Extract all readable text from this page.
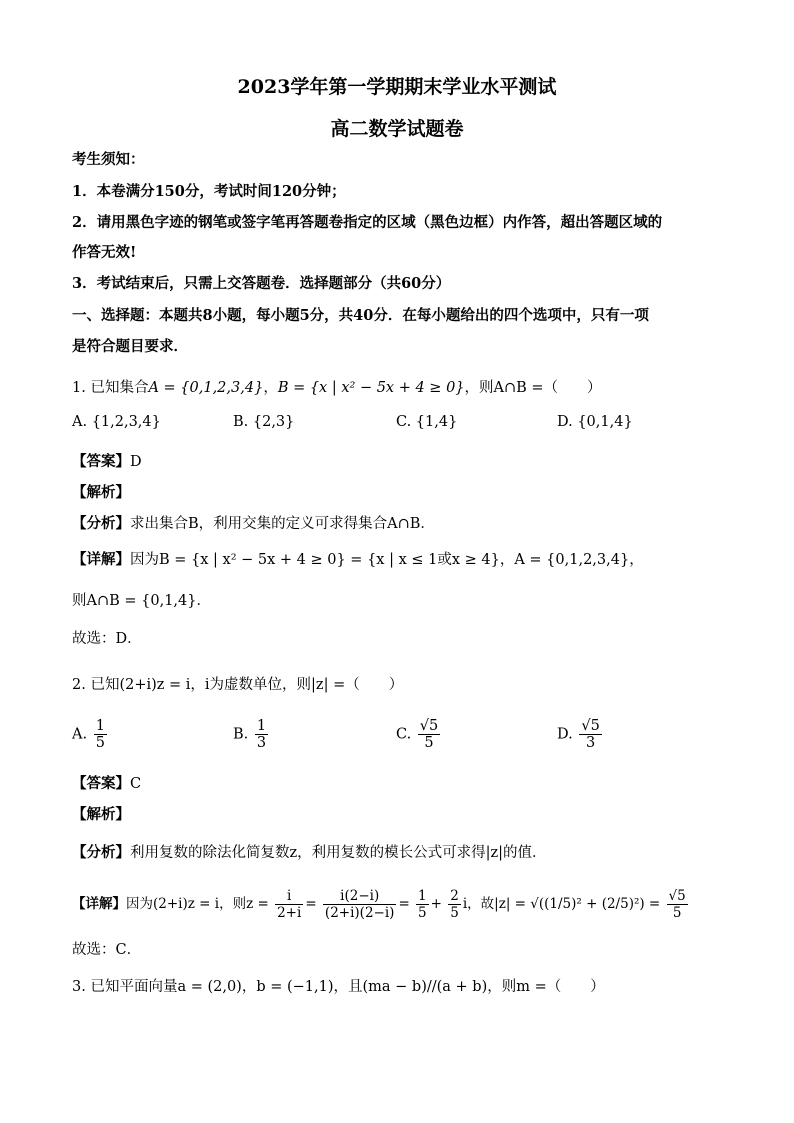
2023学年第一学期期末学业水平测试
高二数学试题卷
考生须知：
1．本卷满分150分，考试时间120分钟；
2．请用黑色字迹的钢笔或签字笔再答题卷指定的区域（黑色边框）内作答，超出答题区域的
作答无效!
3．考试结束后，只需上交答题卷．选择题部分（共60分）
一、选择题：本题共8小题，每小题5分，共40分．在每小题给出的四个选项中，只有一项
是符合题目要求．
1. 已知集合A = {0,1,2,3,4}，B = {x | x² − 5x + 4 ≥ 0}，则A∩B =（　　）
A. {1,2,3,4}	B. {2,3}	C. {1,4}	D. {0,1,4}
【答案】D
【解析】
【分析】求出集合B，利用交集的定义可求得集合A∩B．
【详解】因为B = {x | x² − 5x + 4 ≥ 0} = {x | x ≤ 1或x ≥ 4}，A = {0,1,2,3,4}，
则A∩B = {0,1,4}．
故选：D．
2. 已知(2+i)z = i，i为虚数单位，则|z| =（　　）
A. $\frac{1}{5}$	B. $\frac{1}{3}$	C. $\frac{√5}{5}$	D. $\frac{√5}{3}$
【答案】C
【解析】
【分析】利用复数的除法化简复数z，利用复数的模长公式可求得|z|的值．
【详解】因为(2+i)z = i，则$z = \frac{i}{2+i} = \frac{i(2-i)}{(2+i)(2-i)} = \frac{1}{5} + \frac{2}{5}$ i，故$|z| = √((1/5)^2 + (2/5)^2) = \frac{√5}{5}$
故选：C．
3. 已知平面向量a = (2,0)，b = (−1,1)，且(ma − b)//(a + b)，则m =（　　）
